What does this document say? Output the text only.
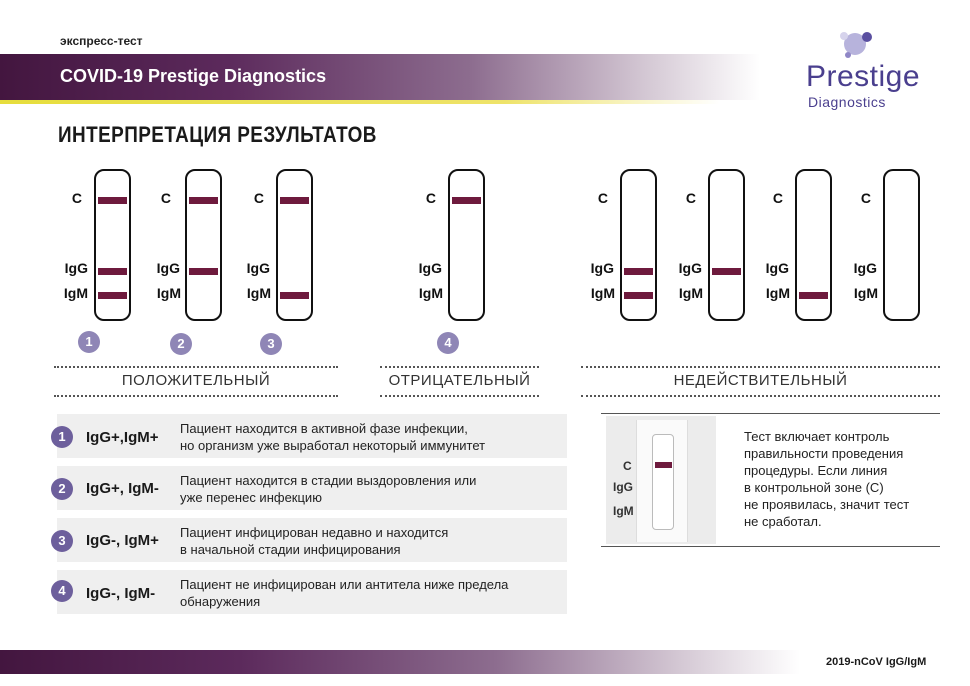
экспресс-тест
COVID-19 Prestige Diagnostics	Prestige
Diagnostics
ИНТЕРПРЕТАЦИЯ РЕЗУЛЬТАТОВ
C
IgG
IgM
1
C
IgG
IgM
2
C
IgG
IgM
3
C
IgG
IgM
4
C
IgG
IgM
C
IgG
IgM
C
IgG
IgM
C
IgG
IgM
ПОЛОЖИТЕЛЬНЫЙ	ОТРИЦАТЕЛЬНЫЙ	НЕДЕЙСТВИТЕЛЬНЫЙ
1	IgG+,IgM+
Пациент находится в активной фазе инфекции,
но организм уже выработал некоторый иммунитет
2	IgG+, IgM- Пациент находится в стадии выздоровления или
уже перенес инфекцию
3	IgG-, IgM+ Пациент инфицирован недавно и находится
в начальной стадии инфицирования
4	IgG-, IgM-
Пациент не инфицирован или антитела ниже предела
обнаружения
C
IgG
IgM
Тест включает контроль
правильности проведения
процедуры. Если линия
в контрольной зоне (С)
не проявилась, значит тест
не сработал.
2019-nCoV IgG/IgM
